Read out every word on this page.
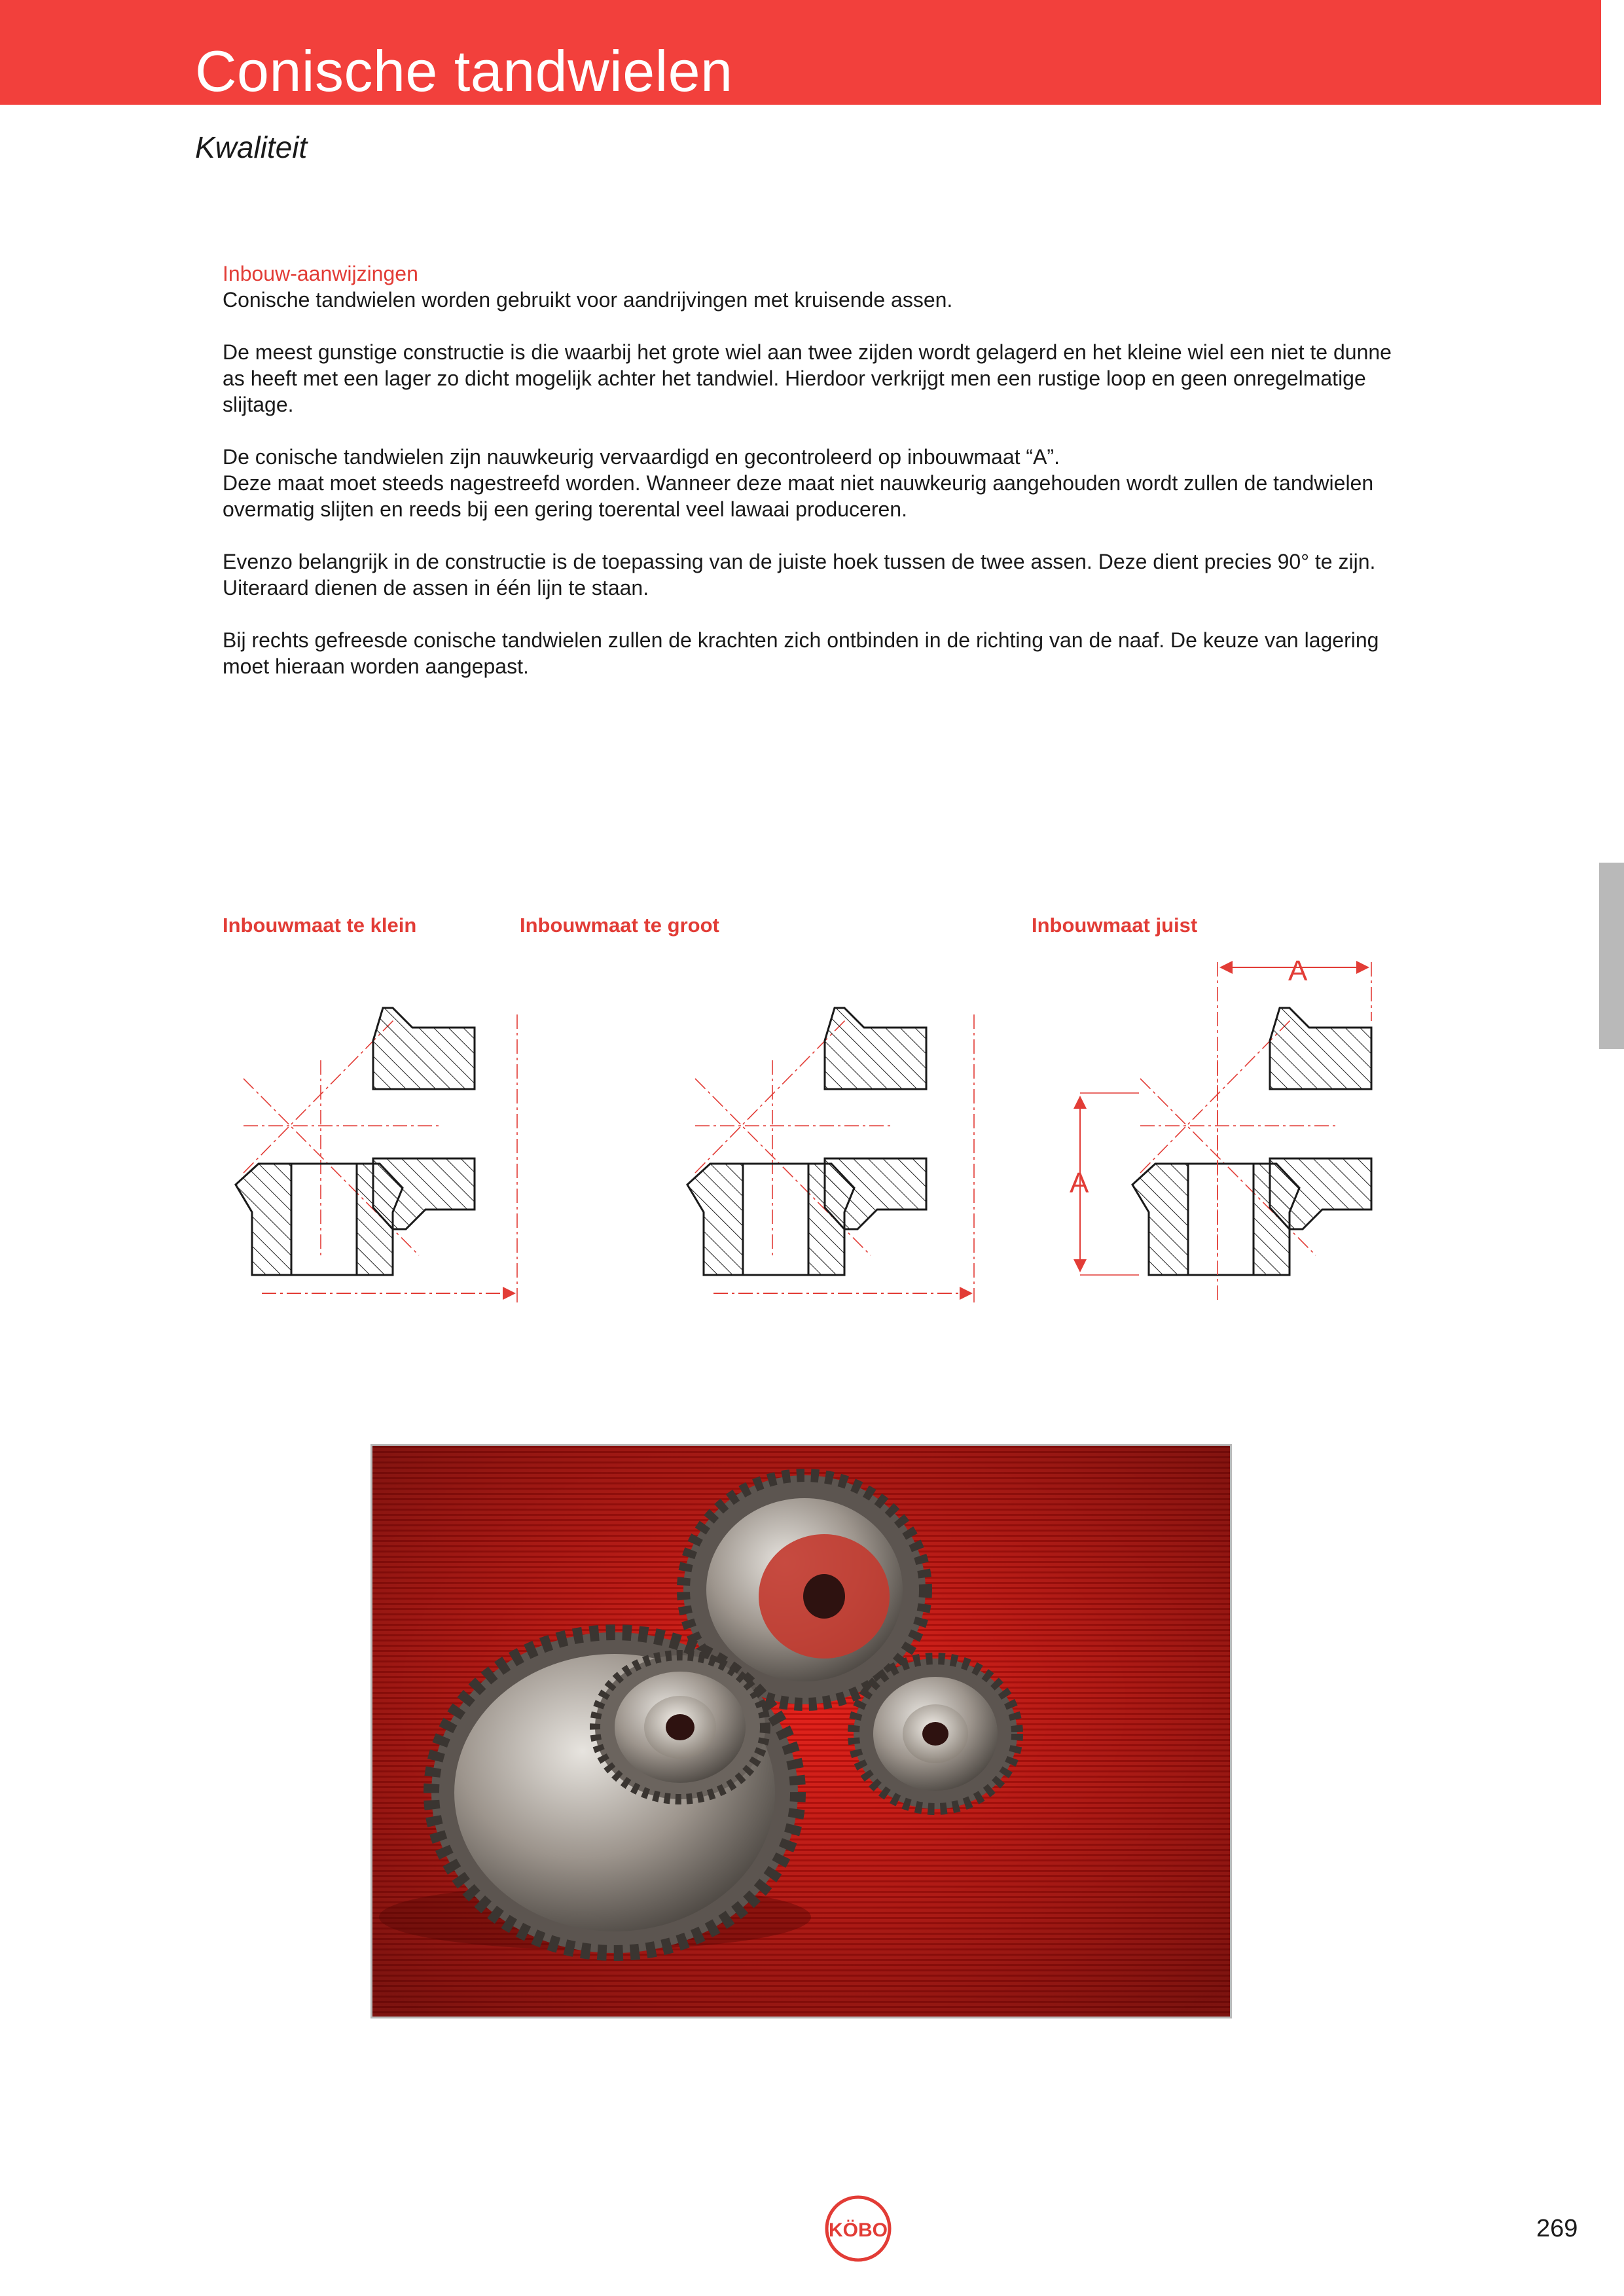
Conische tandwielen
Kwaliteit

Inbouw-aanwijzingen
Conische tandwielen worden gebruikt voor aandrijvingen met kruisende assen.

De meest gunstige constructie is die waarbij het grote wiel aan twee zijden wordt gelagerd en het kleine wiel een niet te dunne as heeft met een lager zo dicht mogelijk achter het tandwiel. Hierdoor verkrijgt men een rustige loop en geen onregelmatige slijtage.

De conische tandwielen zijn nauwkeurig vervaardigd en gecontroleerd op inbouwmaat “A”.
Deze maat moet steeds nagestreefd worden. Wanneer deze maat niet nauwkeurig aangehouden wordt zullen de tandwielen overmatig slijten en reeds bij een gering toerental veel lawaai produceren.

Evenzo belangrijk in de constructie is de toepassing van de juiste hoek tussen de twee assen. Deze dient precies 90° te zijn. Uiteraard dienen de assen in één lijn te staan.

Bij rechts gefreesde conische tandwielen zullen de krachten zich ontbinden in de richting van de naaf. De keuze van lagering moet hieraan worden aangepast.

Inbouwmaat te klein	Inbouwmaat te groot	Inbouwmaat juist
A
A
KÖBO	269
